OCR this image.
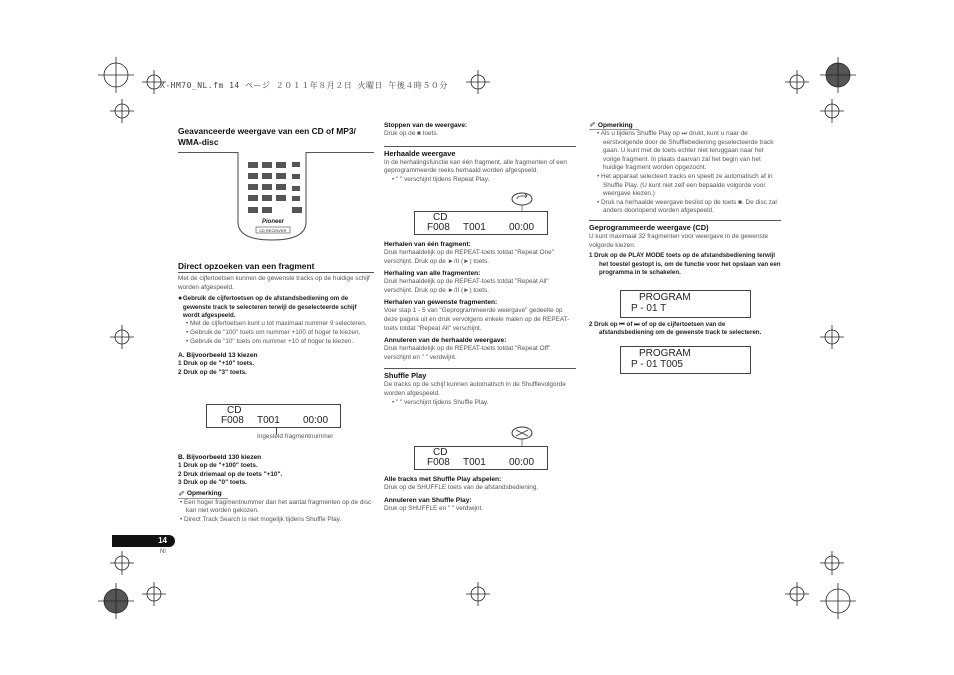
X-HM70_NL.fm 14 ページ ２０１１年８月２日 火曜日 午後４時５０分
Geavanceerde weergave van een CD of MP3/ WMA-disc
Pioneer
CD RECEIVER
Direct opzoeken van een fragment
Met de cijfertoetsen kunnen de gewenste tracks op de huidige schijf worden afgespeeld.
● Gebruik de cijfertoetsen op de afstandsbediening om de gewenste track te selecteren terwijl de geselecteerde schijf wordt afgespeeld.
• Met de cijfertoetsen kunt u tot maximaal nummer 9 selecteren.
• Gebruik de "100" toets om nummer +100 of hoger te kiezen.
• Gebruik de "10" toets om nummer +10 of hoger te kiezen.
A. Bijvoorbeeld 13 kiezen
1 Druk op de "+10" toets.
2 Druk op de "3" toets.
CD
F008 T001 00:00
Ingesteld fragmentnummer
B. Bijvoorbeeld 130 kiezen
1 Druk op de "+100" toets.
2 Druk driemaal op de toets "+10".
3 Druk op de "0" toets.
✐ Opmerking
• Een hoger fragmentnummer dan het aantal fragmenten op de disc kan niet worden gekozen.
• Direct Track Search is niet mogelijk tijdens Shuffle Play.
Stoppen van de weergave:
Druk op de ■ toets.
Herhaalde weergave
In de herhalingsfunctie kan één fragment, alle fragmenten of een geprogrammeerde reeks herhaald worden afgespeeld.
• " " verschijnt tijdens Repeat Play.
CD
F008 T001 00:00
Herhalen van één fragment:
Druk herhaaldelijk op de REPEAT-toets totdat "Repeat One" verschijnt. Druk op de ►/II (►) toets.
Herhaling van alle fragmenten:
Druk herhaaldelijk op de REPEAT-toets totdat "Repeat All" verschijnt. Druk op de ►/II (►) toets.
Herhalen van gewenste fragmenten:
Voer stap 1 - 5 van "Geprogrammeerde weergave" gedeelte op deze pagina uit en druk vervolgens enkele malen op de REPEAT-toets totdat "Repeat All" verschijnt.
Annuleren van de herhaalde weergave:
Druk herhaaldelijk op de REPEAT-toets totdat "Repeat Off" verschijnt en " " verdwijnt.
Shuffle Play
De tracks op de schijf kunnen automatisch in de Shufflevolgorde worden afgespeeld.
• " " verschijnt tijdens Shuffle Play.
CD
F008 T001 00:00
Alle tracks met Shuffle Play afspelen:
Druk op de SHUFFLE toets van de afstandsbediening.
Annuleren van Shuffle Play:
Druk op SHUFFLE en " " verdwijnt.
✐ Opmerking
• Als u tijdens Shuffle Play op ⏭ drukt, kunt u naar de eerstvolgende door de Shufflebediening geselecteerde track gaan. U kunt met de toets echter niet teruggaan naar het vorige fragment. In plaats daarvan zal het begin van het huidige fragment worden opgezocht.
• Het apparaat selecteert tracks en speelt ze automatisch af in Shuffle Play. (U kunt niet zelf een bepaalde volgorde voor weergave kiezen.)
• Druk na herhaalde weergave beslist op de toets ■. De disc zal anders doorlopend worden afgespeeld.
Geprogrammeerde weergave (CD)
U kunt maximaal 32 fragmenten voor weergave in de gewenste volgorde kiezen.
1 Druk op de PLAY MODE toets op de afstandsbediening terwijl het toestel gestopt is, om de functie voor het opslaan van een programma in te schakelen.
PROGRAM
P - 01 T
2 Druk op ⏮ of ⏭ of op de cijfertoetsen van de afstandsbediening om de gewenste track te selecteren.
PROGRAM
P - 01 T005
14
Nl
